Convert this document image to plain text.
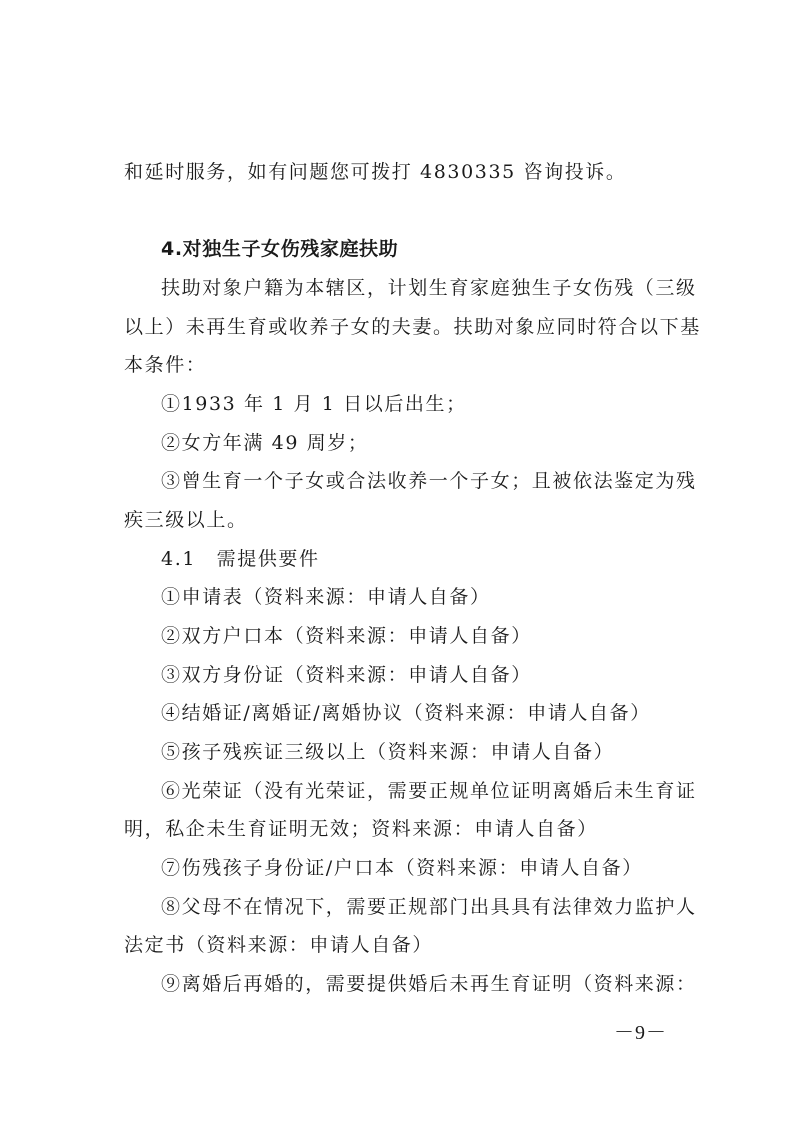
和延时服务，如有问题您可拨打 4830335 咨询投诉。
4.对独生子女伤残家庭扶助
扶助对象户籍为本辖区，计划生育家庭独生子女伤残（三级
以上）未再生育或收养子女的夫妻。扶助对象应同时符合以下基
本条件：
①1933 年 1 月 1 日以后出生；
②女方年满 49 周岁；
③曾生育一个子女或合法收养一个子女；且被依法鉴定为残
疾三级以上。
4.1　需提供要件
①申请表（资料来源：申请人自备）
②双方户口本（资料来源：申请人自备）
③双方身份证（资料来源：申请人自备）
④结婚证/离婚证/离婚协议（资料来源：申请人自备）
⑤孩子残疾证三级以上（资料来源：申请人自备）
⑥光荣证（没有光荣证，需要正规单位证明离婚后未生育证
明，私企未生育证明无效；资料来源：申请人自备）
⑦伤残孩子身份证/户口本（资料来源：申请人自备）
⑧父母不在情况下，需要正规部门出具具有法律效力监护人
法定书（资料来源：申请人自备）
⑨离婚后再婚的，需要提供婚后未再生育证明（资料来源：
－9－
